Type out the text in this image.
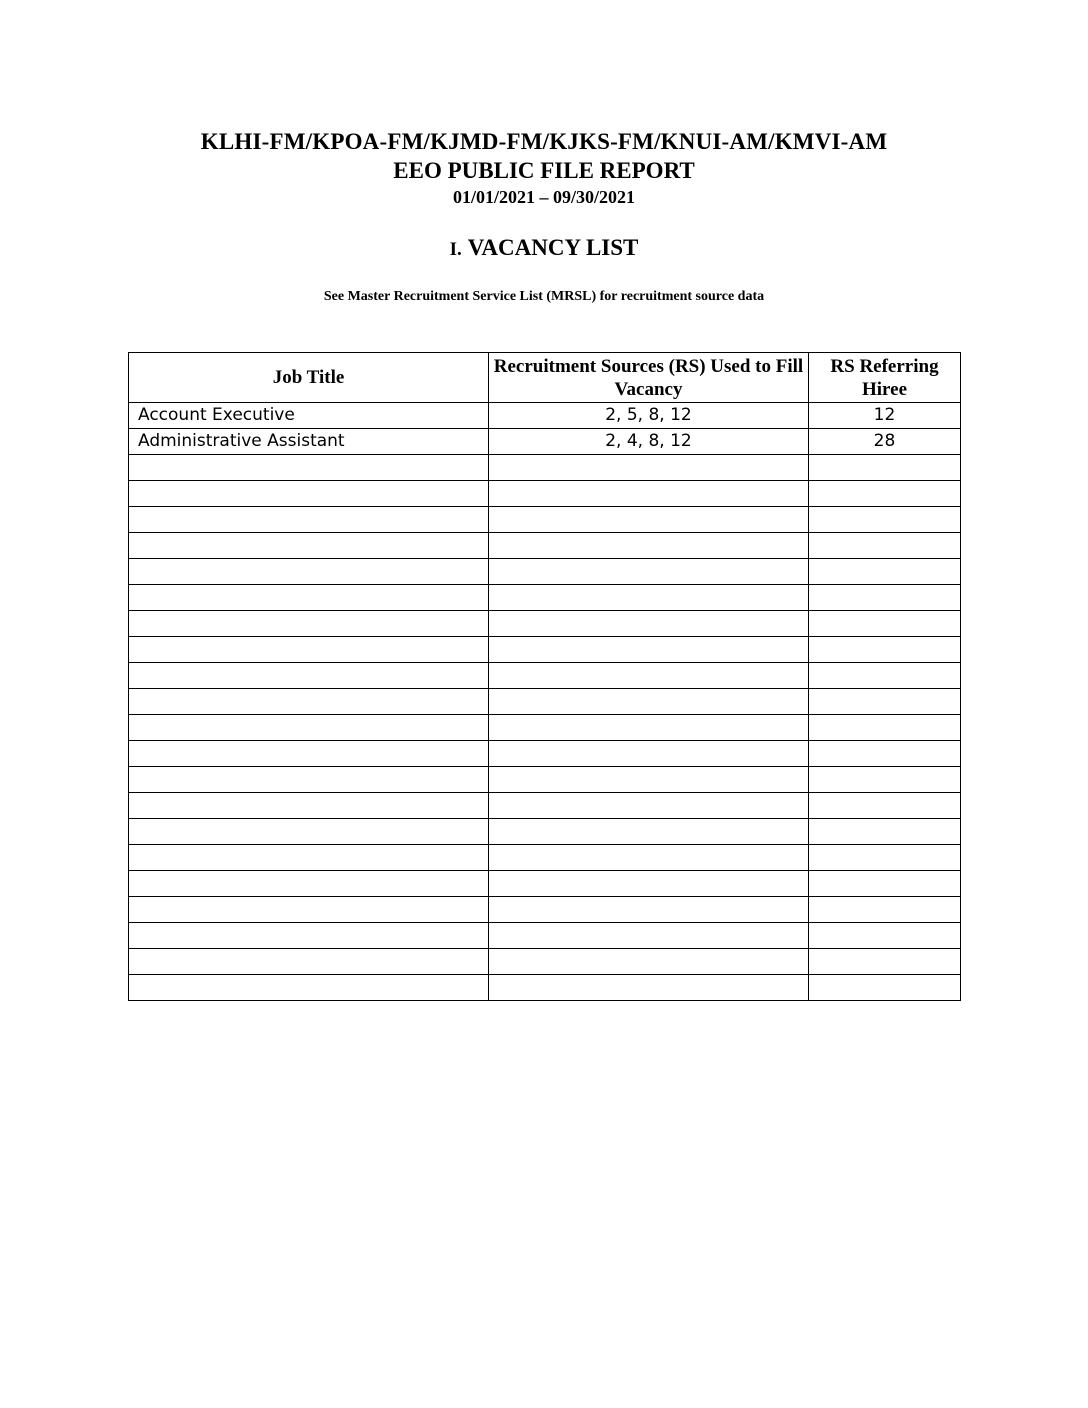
KLHI-FM/KPOA-FM/KJMD-FM/KJKS-FM/KNUI-AM/KMVI-AM
EEO PUBLIC FILE REPORT
01/01/2021 – 09/30/2021
I. VACANCY LIST
See Master Recruitment Service List (MRSL) for recruitment source data
Job Title	Recruitment Sources (RS) Used to Fill Vacancy	RS Referring Hiree
Account Executive	2, 5, 8, 12	12
Administrative Assistant	2, 4, 8, 12	28
